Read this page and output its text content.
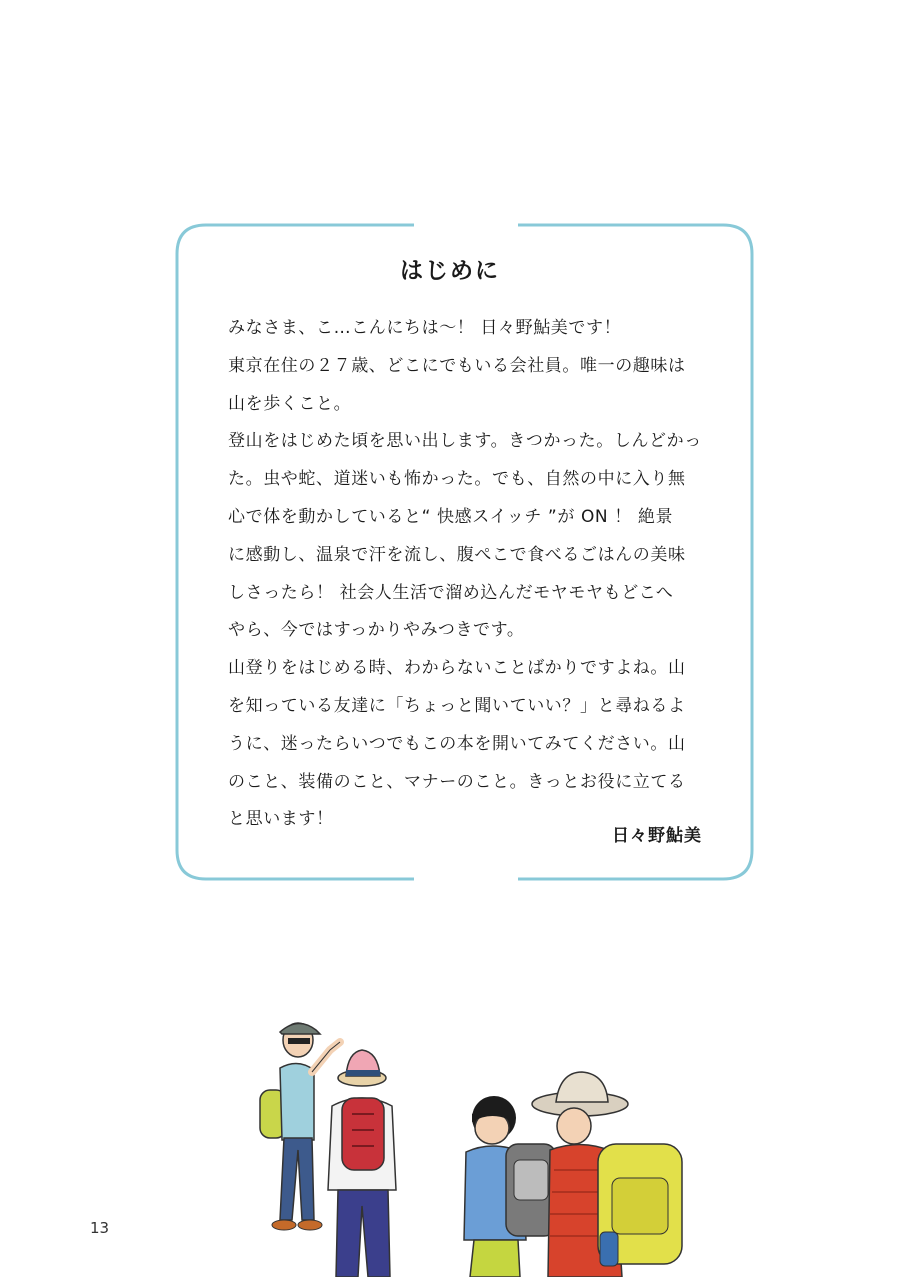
はじめに
みなさま、こ…こんにちは〜！ 日々野鮎美です！
東京在住の２７歳、どこにでもいる会社員。唯一の趣味は
山を歩くこと。
登山をはじめた頃を思い出します。きつかった。しんどかっ
た。虫や蛇、道迷いも怖かった。でも、自然の中に入り無
心で体を動かしていると“ 快感スイッチ ”が ON ！ 絶景
に感動し、温泉で汗を流し、腹ぺこで食べるごはんの美味
しさったら！ 社会人生活で溜め込んだモヤモヤもどこへ
やら、今ではすっかりやみつきです。
山登りをはじめる時、わからないことばかりですよね。山
を知っている友達に「ちょっと聞いていい？」と尋ねるよ
うに、迷ったらいつでもこの本を開いてみてください。山
のこと、装備のこと、マナーのこと。きっとお役に立てる
と思います！
日々野鮎美
13
